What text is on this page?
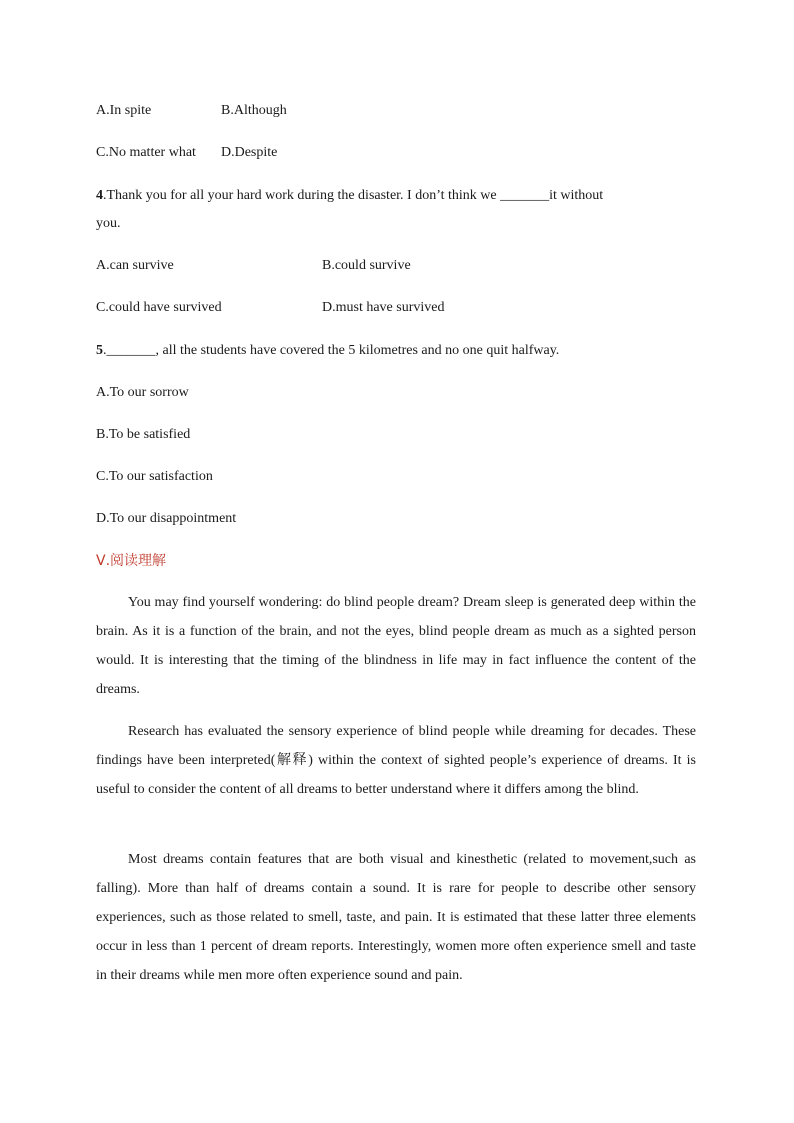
A.In spite	B.Although
C.No matter what D.Despite
4.Thank you for all your hard work during the disaster. I don’t think we _______it without
you.
A.can survive	B.could survive
C.could have survived	D.must have survived
5._______, all the students have covered the 5 kilometres and no one quit halfway.
A.To our sorrow
B.To be satisfied
C.To our satisfaction
D.To our disappointment
Ⅴ.阅读理解

You may find yourself wondering: do blind people dream? Dream sleep is generated deep within the brain. As it is a function of the brain, and not the eyes, blind people dream as much as a sighted person would. It is interesting that the timing of the blindness in life may in fact influence the content of the dreams.

Research has evaluated the sensory experience of blind people while dreaming for decades. These findings have been interpreted(解释) within the context of sighted people’s experience of dreams. It is useful to consider the content of all dreams to better understand where it differs among the blind.

Most dreams contain features that are both visual and kinesthetic (related to movement,such as falling). More than half of dreams contain a sound. It is rare for people to describe other sensory experiences, such as those related to smell, taste, and pain. It is estimated that these latter three elements occur in less than 1 percent of dream reports. Interestingly, women more often experience smell and taste in their dreams while men more often experience sound and pain.
